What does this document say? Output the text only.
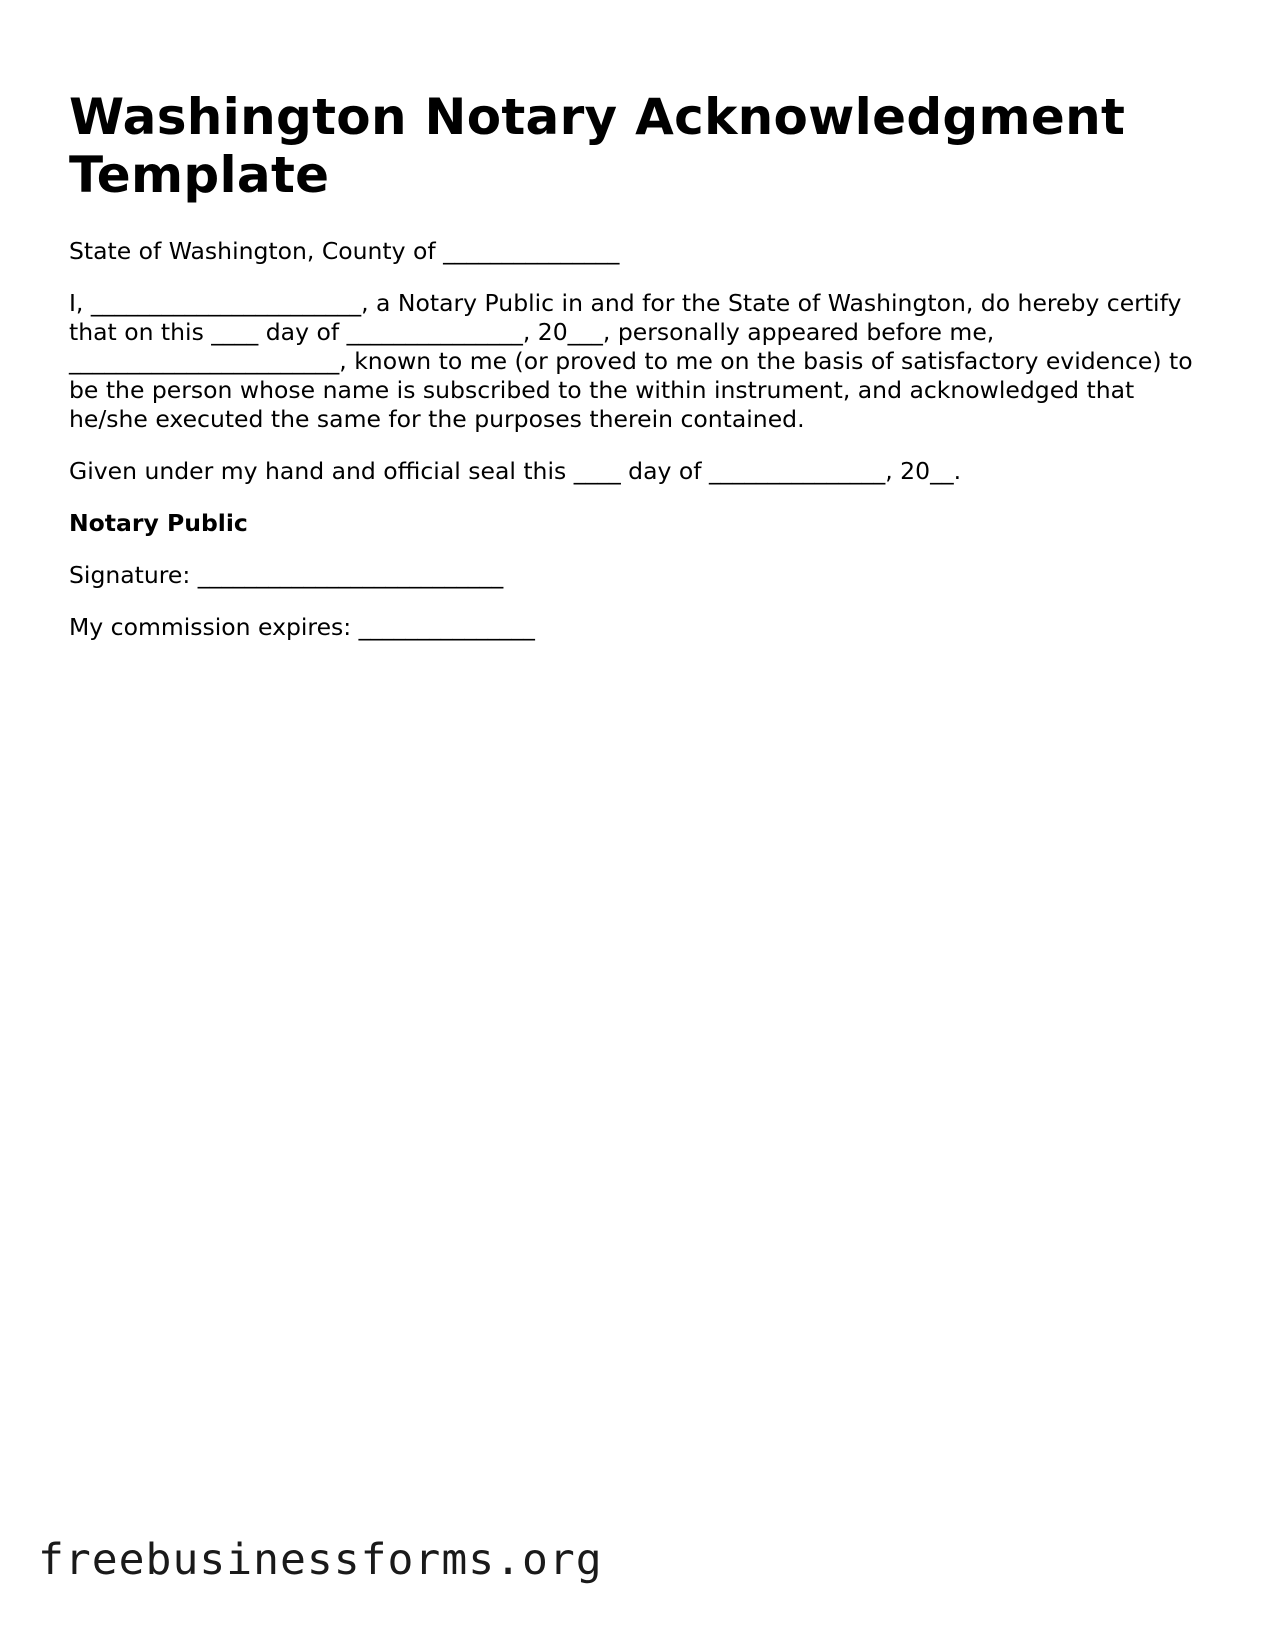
Washington Notary Acknowledgment Template

State of Washington, County of _______________

I, _______________________, a Notary Public in and for the State of Washington, do hereby certify that on this ____ day of _______________, 20___, personally appeared before me, _______________________, known to me (or proved to me on the basis of satisfactory evidence) to be the person whose name is subscribed to the within instrument, and acknowledged that he/she executed the same for the purposes therein contained.

Given under my hand and official seal this ____ day of _______________, 20__.

Notary Public

Signature: __________________________

My commission expires: _______________

freebusinessforms.org
